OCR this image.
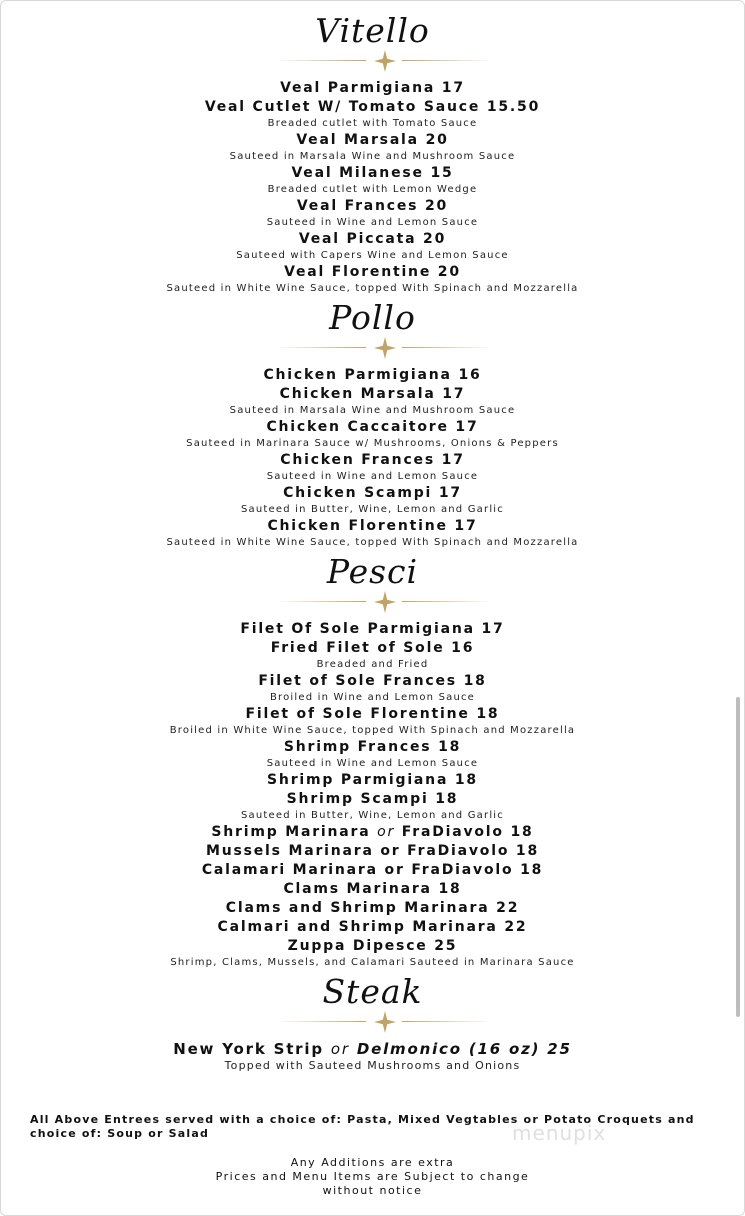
Vitello
Veal Parmigiana 17
Veal Cutlet W/ Tomato Sauce 15.50
Breaded cutlet with Tomato Sauce
Veal Marsala 20
Sauteed in Marsala Wine and Mushroom Sauce
Veal Milanese 15
Breaded cutlet with Lemon Wedge
Veal Frances 20
Sauteed in Wine and Lemon Sauce
Veal Piccata 20
Sauteed with Capers Wine and Lemon Sauce
Veal Florentine 20
Sauteed in White Wine Sauce, topped With Spinach and Mozzarella
Pollo
Chicken Parmigiana 16
Chicken Marsala 17
Sauteed in Marsala Wine and Mushroom Sauce
Chicken Caccaitore 17
Sauteed in Marinara Sauce w/ Mushrooms, Onions & Peppers
Chicken Frances 17
Sauteed in Wine and Lemon Sauce
Chicken Scampi 17
Sauteed in Butter, Wine, Lemon and Garlic
Chicken Florentine 17
Sauteed in White Wine Sauce, topped With Spinach and Mozzarella
Pesci
Filet Of Sole Parmigiana 17
Fried Filet of Sole 16
Breaded and Fried
Filet of Sole Frances 18
Broiled in Wine and Lemon Sauce
Filet of Sole Florentine 18
Broiled in White Wine Sauce, topped With Spinach and Mozzarella
Shrimp Frances 18
Sauteed in Wine and Lemon Sauce
Shrimp Parmigiana 18
Shrimp Scampi 18
Sauteed in Butter, Wine, Lemon and Garlic
Shrimp Marinara or FraDiavolo 18
Mussels Marinara or FraDiavolo 18
Calamari Marinara or FraDiavolo 18
Clams Marinara 18
Clams and Shrimp Marinara 22
Calmari and Shrimp Marinara 22
Zuppa Dipesce 25
Shrimp, Clams, Mussels, and Calamari Sauteed in Marinara Sauce
Steak
New York Strip or Delmonico (16 oz) 25
Topped with Sauteed Mushrooms and Onions
All Above Entrees served with a choice of: Pasta, Mixed Vegtables or Potato Croquets and choice of: Soup or Salad	menupix
Any Additions are extra
Prices and Menu Items are Subject to change
without notice
